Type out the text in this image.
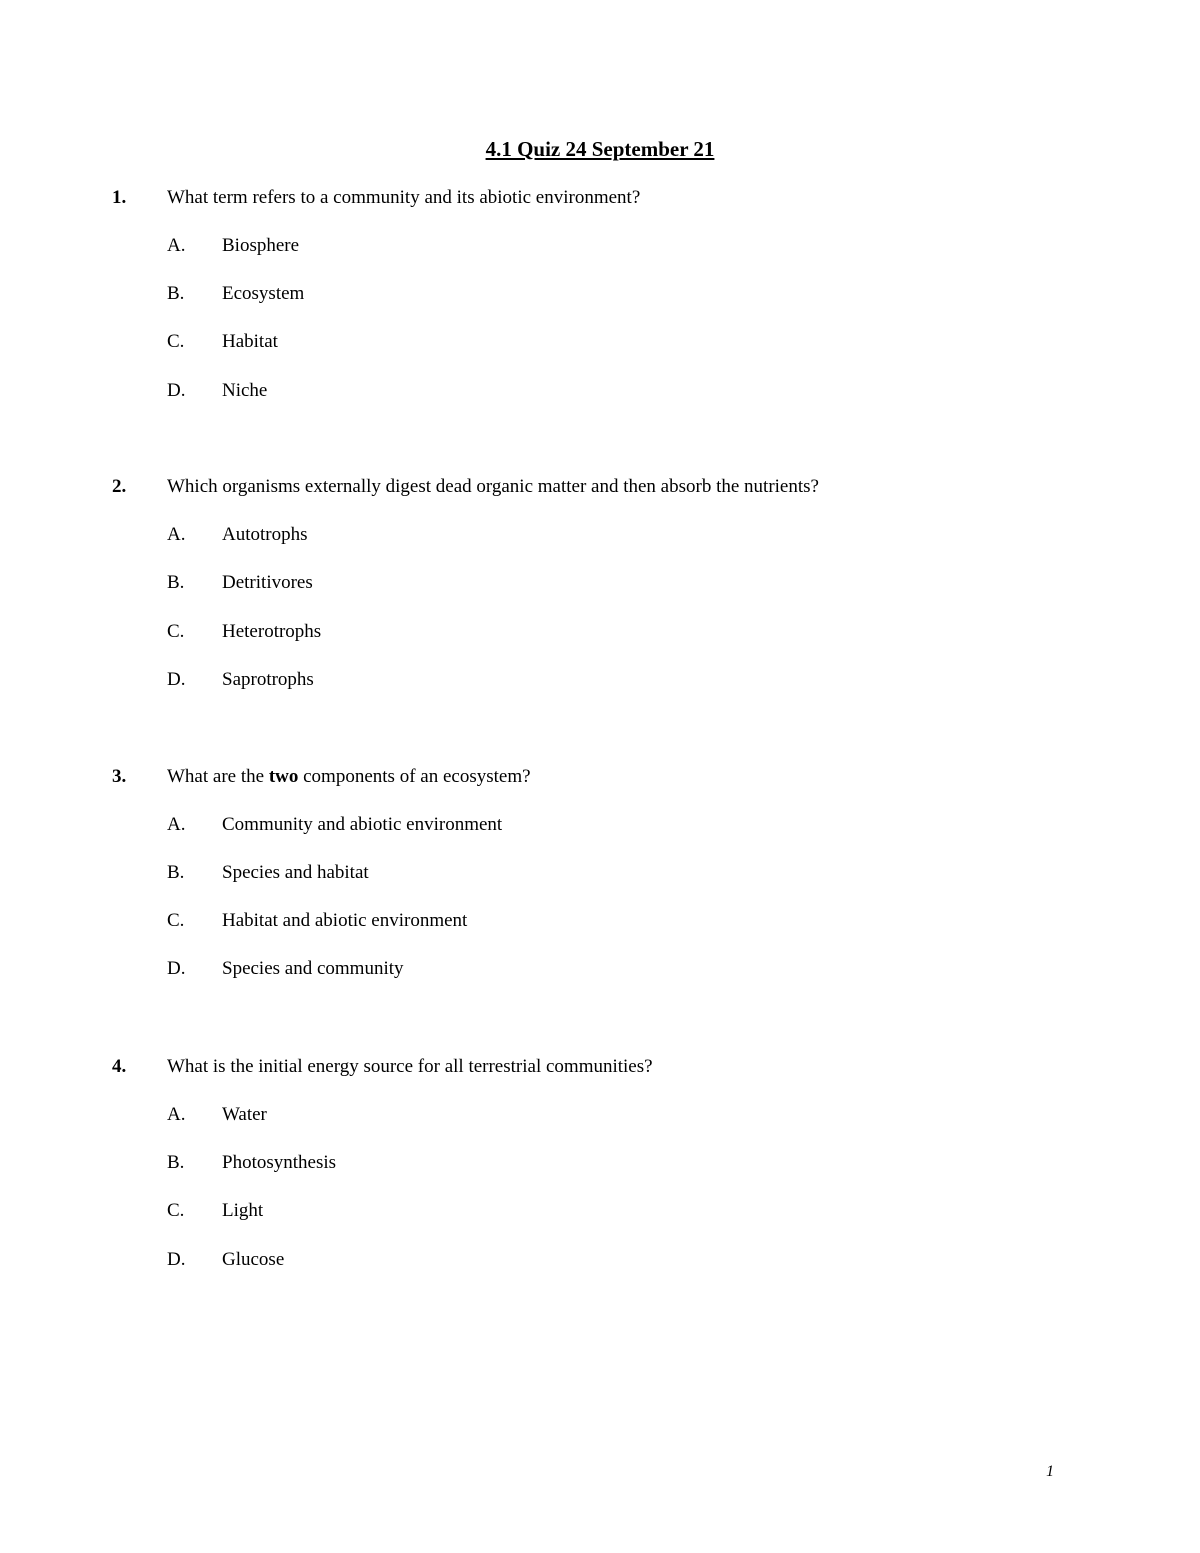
4.1 Quiz 24 September 21
1. What term refers to a community and its abiotic environment?
A. Biosphere
B. Ecosystem
C. Habitat
D. Niche
2. Which organisms externally digest dead organic matter and then absorb the nutrients?
A. Autotrophs
B. Detritivores
C. Heterotrophs
D. Saprotrophs
3. What are the two components of an ecosystem?
A. Community and abiotic environment
B. Species and habitat
C. Habitat and abiotic environment
D. Species and community
4. What is the initial energy source for all terrestrial communities?
A. Water
B. Photosynthesis
C. Light
D. Glucose
1
